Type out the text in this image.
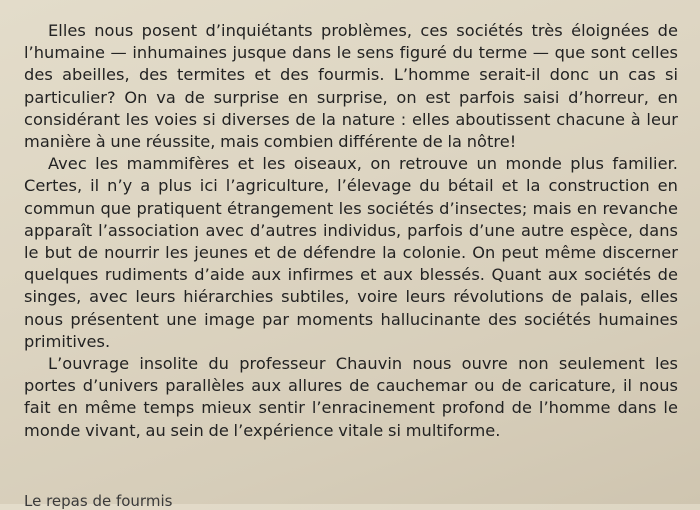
Elles nous posent d’inquiétants problèmes, ces sociétés très éloignées de l’humaine — inhumaines jusque dans le sens figuré du terme — que sont celles des abeilles, des termites et des fourmis. L’homme serait-il donc un cas si particulier? On va de surprise en surprise, on est parfois saisi d’horreur, en considérant les voies si diverses de la nature : elles aboutissent chacune à leur manière à une réussite, mais combien différente de la nôtre!

Avec les mammifères et les oiseaux, on retrouve un monde plus familier. Certes, il n’y a plus ici l’agriculture, l’élevage du bétail et la construction en commun que pratiquent étrangement les sociétés d’insectes; mais en revanche apparaît l’association avec d’autres individus, parfois d’une autre espèce, dans le but de nourrir les jeunes et de défendre la colonie. On peut même discerner quelques rudiments d’aide aux infirmes et aux blessés. Quant aux sociétés de singes, avec leurs hiérarchies subtiles, voire leurs révolutions de palais, elles nous présentent une image par moments hallucinante des sociétés humaines primitives.

L’ouvrage insolite du professeur Chauvin nous ouvre non seulement les portes d’univers parallèles aux allures de cauchemar ou de caricature, il nous fait en même temps mieux sentir l’enracinement profond de l’homme dans le monde vivant, au sein de l’expérience vitale si multiforme.

Le repas de fourmis
